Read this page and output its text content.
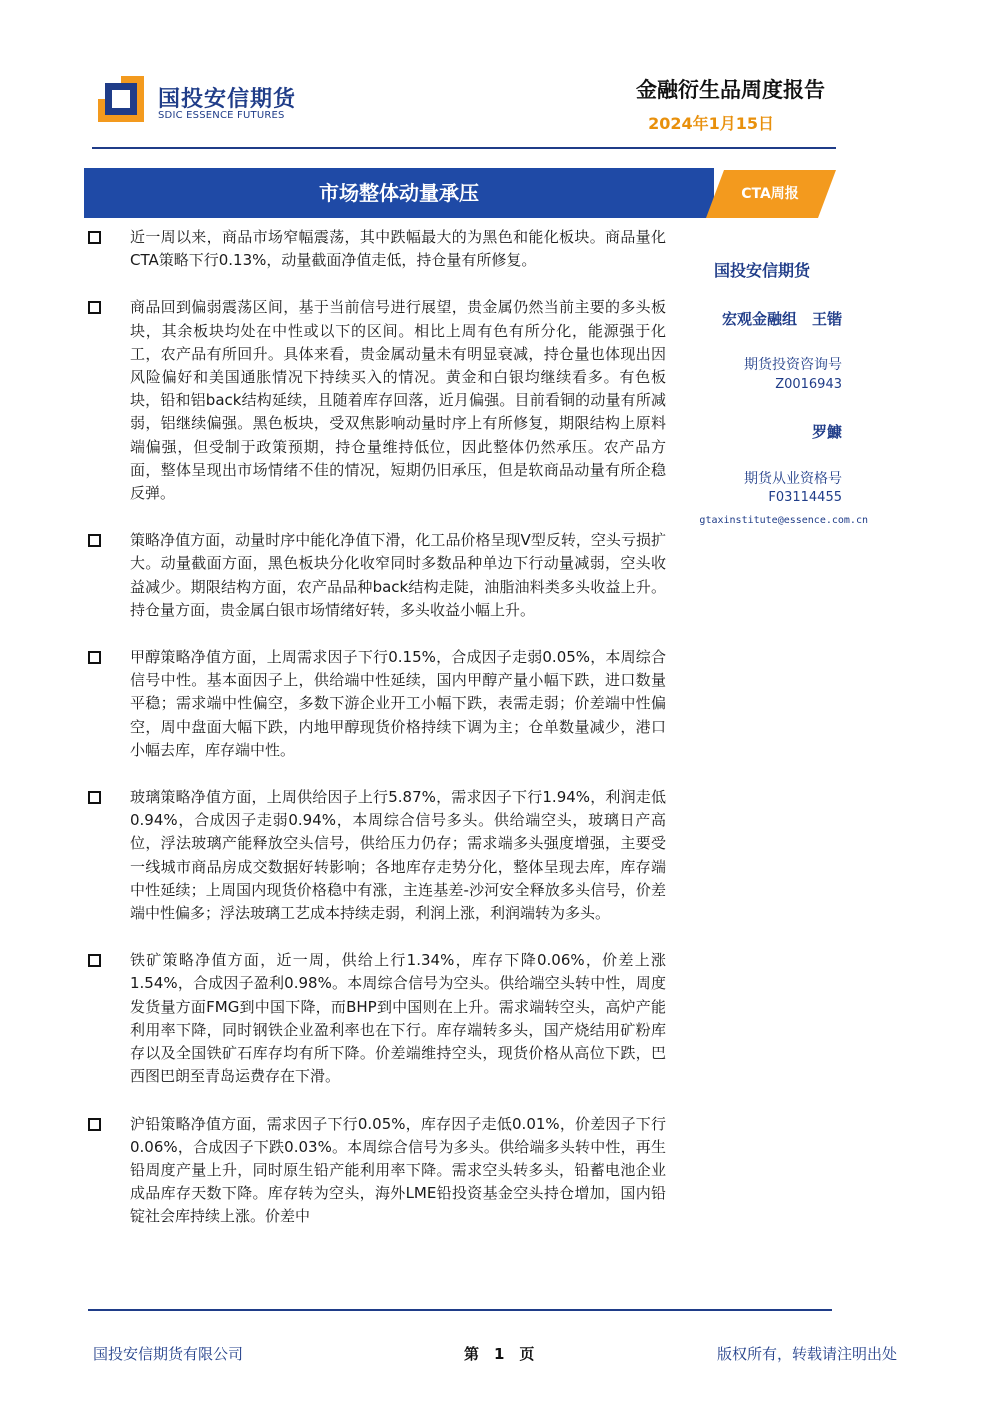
国投安信期货
SDIC ESSENCE FUTURES
金融衍生品周度报告
2024年1月15日
市场整体动量承压	CTA周报
近一周以来，商品市场窄幅震荡，其中跌幅最大的为黑色和能化板块。商品量化CTA策略下行0.13%，动量截面净值走低，持仓量有所修复。
商品回到偏弱震荡区间，基于当前信号进行展望，贵金属仍然当前主要的多头板块，其余板块均处在中性或以下的区间。相比上周有色有所分化，能源强于化工，农产品有所回升。具体来看，贵金属动量未有明显衰减，持仓量也体现出因风险偏好和美国通胀情况下持续买入的情况。黄金和白银均继续看多。有色板块，铅和铝back结构延续，且随着库存回落，近月偏强。目前看铜的动量有所减弱，铝继续偏强。黑色板块，受双焦影响动量时序上有所修复，期限结构上原料端偏强，但受制于政策预期，持仓量维持低位，因此整体仍然承压。农产品方面，整体呈现出市场情绪不佳的情况，短期仍旧承压，但是软商品动量有所企稳反弹。
策略净值方面，动量时序中能化净值下滑，化工品价格呈现V型反转，空头亏损扩大。动量截面方面，黑色板块分化收窄同时多数品种单边下行动量减弱，空头收益减少。期限结构方面，农产品品种back结构走陡，油脂油料类多头收益上升。持仓量方面，贵金属白银市场情绪好转，多头收益小幅上升。
甲醇策略净值方面，上周需求因子下行0.15%，合成因子走弱0.05%，本周综合信号中性。基本面因子上，供给端中性延续，国内甲醇产量小幅下跌，进口数量平稳；需求端中性偏空，多数下游企业开工小幅下跌，表需走弱；价差端中性偏空，周中盘面大幅下跌，内地甲醇现货价格持续下调为主；仓单数量减少，港口小幅去库，库存端中性。
玻璃策略净值方面，上周供给因子上行5.87%，需求因子下行1.94%，利润走低0.94%，合成因子走弱0.94%，本周综合信号多头。供给端空头，玻璃日产高位，浮法玻璃产能释放空头信号，供给压力仍存；需求端多头强度增强，主要受一线城市商品房成交数据好转影响；各地库存走势分化，整体呈现去库，库存端中性延续；上周国内现货价格稳中有涨，主连基差-沙河安全释放多头信号，价差端中性偏多；浮法玻璃工艺成本持续走弱，利润上涨，利润端转为多头。
铁矿策略净值方面，近一周，供给上行1.34%，库存下降0.06%，价差上涨1.54%，合成因子盈利0.98%。本周综合信号为空头。供给端空头转中性，周度发货量方面FMG到中国下降，而BHP到中国则在上升。需求端转空头，高炉产能利用率下降，同时钢铁企业盈利率也在下行。库存端转多头，国产烧结用矿粉库存以及全国铁矿石库存均有所下降。价差端维持空头，现货价格从高位下跌，巴西图巴朗至青岛运费存在下滑。
沪铅策略净值方面，需求因子下行0.05%，库存因子走低0.01%，价差因子下行0.06%，合成因子下跌0.03%。本周综合信号为多头。供给端多头转中性，再生铅周度产量上升，同时原生铅产能利用率下降。需求空头转多头，铅蓄电池企业成品库存天数下降。库存转为空头，海外LME铅投资基金空头持仓增加，国内铅锭社会库持续上涨。价差中
国投安信期货
宏观金融组　王锴
期货投资咨询号
Z0016943
罗鱇
期货从业资格号
F03114455
gtaxinstitute@essence.com.cn
国投安信期货有限公司	第　1　页	版权所有，转载请注明出处
